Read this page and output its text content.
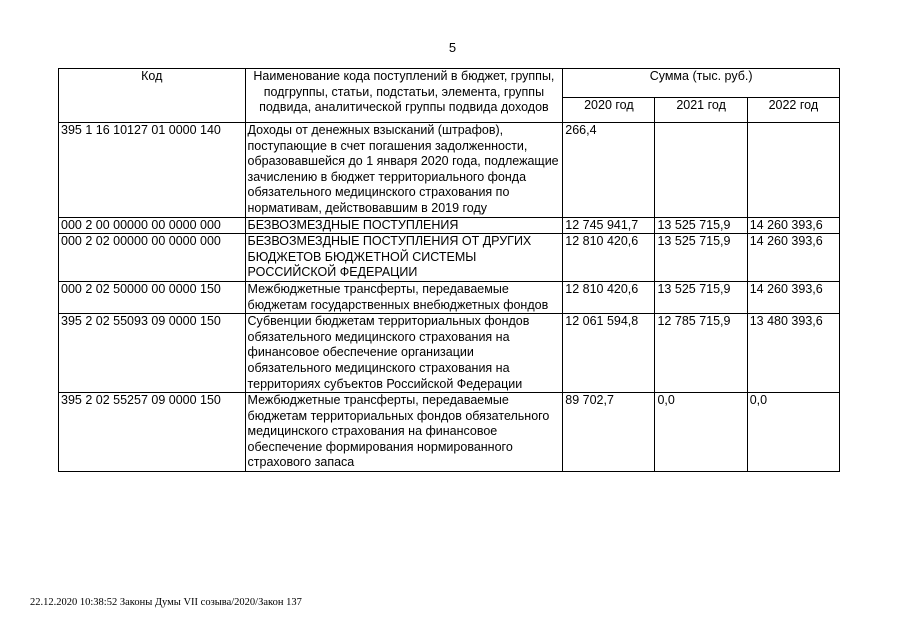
5
Код	Наименование кода поступлений в бюджет, группы, подгруппы, статьи, подстатьи, элемента, группы подвида, аналитической группы подвида доходов	Сумма (тыс. руб.)		
		2020 год	2021 год	2022 год
395 1 16 10127 01 0000 140	Доходы от денежных взысканий (штрафов), поступающие в счет погашения задолженности, образовавшейся до 1 января 2020 года, подлежащие зачислению в бюджет территориального фонда обязательного медицинского страхования по нормативам, действовавшим в 2019 году	266,4		
000 2 00 00000 00 0000 000	БЕЗВОЗМЕЗДНЫЕ ПОСТУПЛЕНИЯ	12 745 941,7	13 525 715,9	14 260 393,6
000 2 02 00000 00 0000 000	БЕЗВОЗМЕЗДНЫЕ ПОСТУПЛЕНИЯ ОТ ДРУГИХ БЮДЖЕТОВ БЮДЖЕТНОЙ СИСТЕМЫ РОССИЙСКОЙ ФЕДЕРАЦИИ	12 810 420,6	13 525 715,9	14 260 393,6
000 2 02 50000 00 0000 150	Межбюджетные трансферты, передаваемые бюджетам государственных внебюджетных фондов	12 810 420,6	13 525 715,9	14 260 393,6
395 2 02 55093 09 0000 150	Субвенции бюджетам территориальных фондов обязательного медицинского страхования на финансовое обеспечение организации обязательного медицинского страхования на территориях субъектов Российской Федерации	12 061 594,8	12 785 715,9	13 480 393,6
395 2 02 55257 09 0000 150	Межбюджетные трансферты, передаваемые бюджетам территориальных фондов обязательного медицинского страхования на финансовое обеспечение формирования нормированного страхового запаса	89 702,7	0,0	0,0
22.12.2020 10:38:52 Законы Думы VII созыва/2020/Закон 137
